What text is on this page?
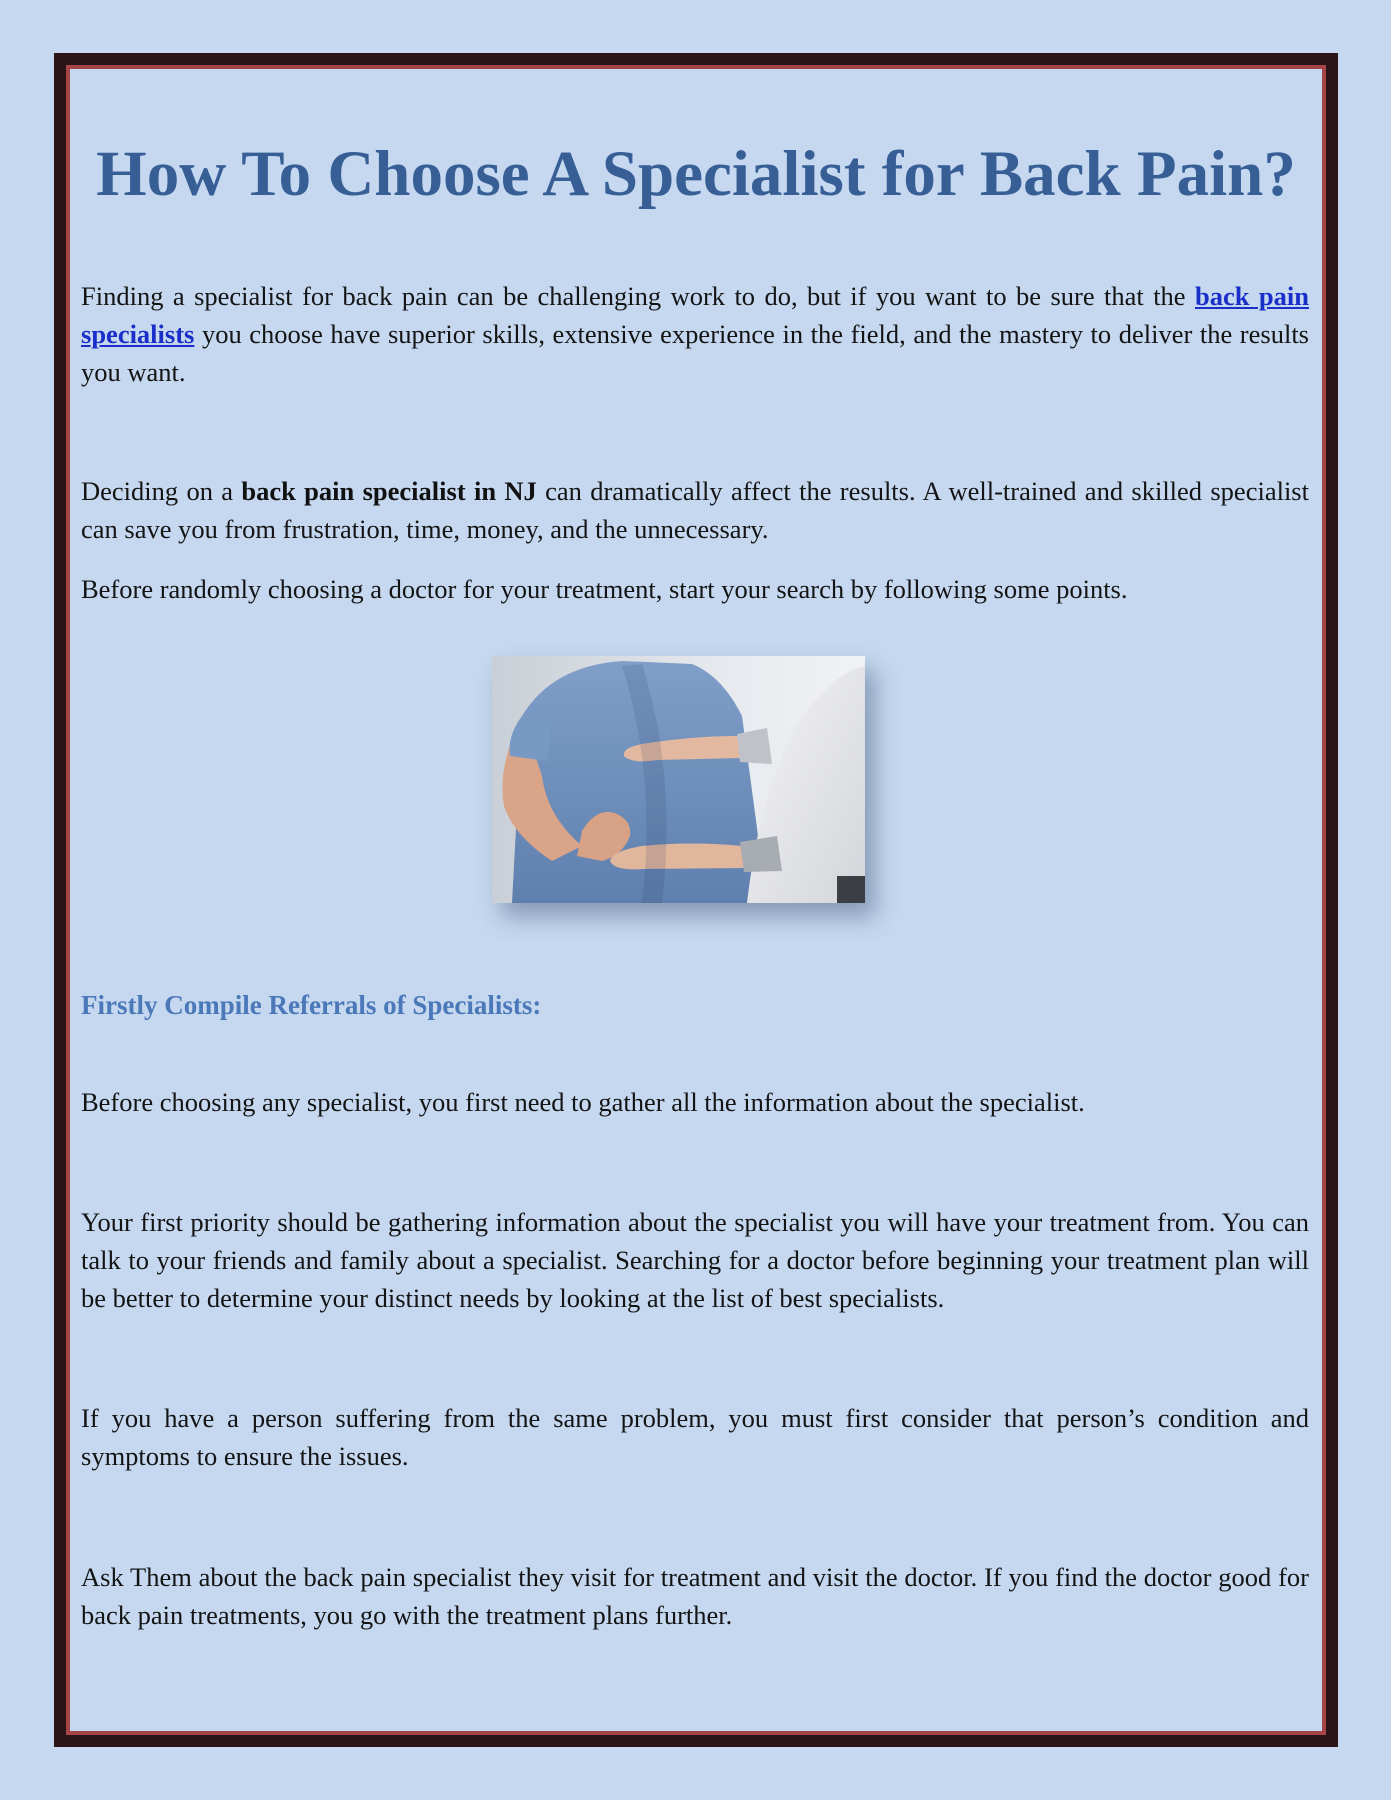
How To Choose A Specialist for Back Pain?

Finding a specialist for back pain can be challenging work to do, but if you want to be sure that the back pain specialists you choose have superior skills, extensive experience in the field, and the mastery to deliver the results you want.

Deciding on a back pain specialist in NJ can dramatically affect the results. A well-trained and skilled specialist can save you from frustration, time, money, and the unnecessary.

Before randomly choosing a doctor for your treatment, start your search by following some points.

Firstly Compile Referrals of Specialists:

Before choosing any specialist, you first need to gather all the information about the specialist.

Your first priority should be gathering information about the specialist you will have your treatment from. You can talk to your friends and family about a specialist. Searching for a doctor before beginning your treatment plan will be better to determine your distinct needs by looking at the list of best specialists.

If you have a person suffering from the same problem, you must first consider that person’s condition and symptoms to ensure the issues.

Ask Them about the back pain specialist they visit for treatment and visit the doctor. If you find the doctor good for back pain treatments, you go with the treatment plans further.
